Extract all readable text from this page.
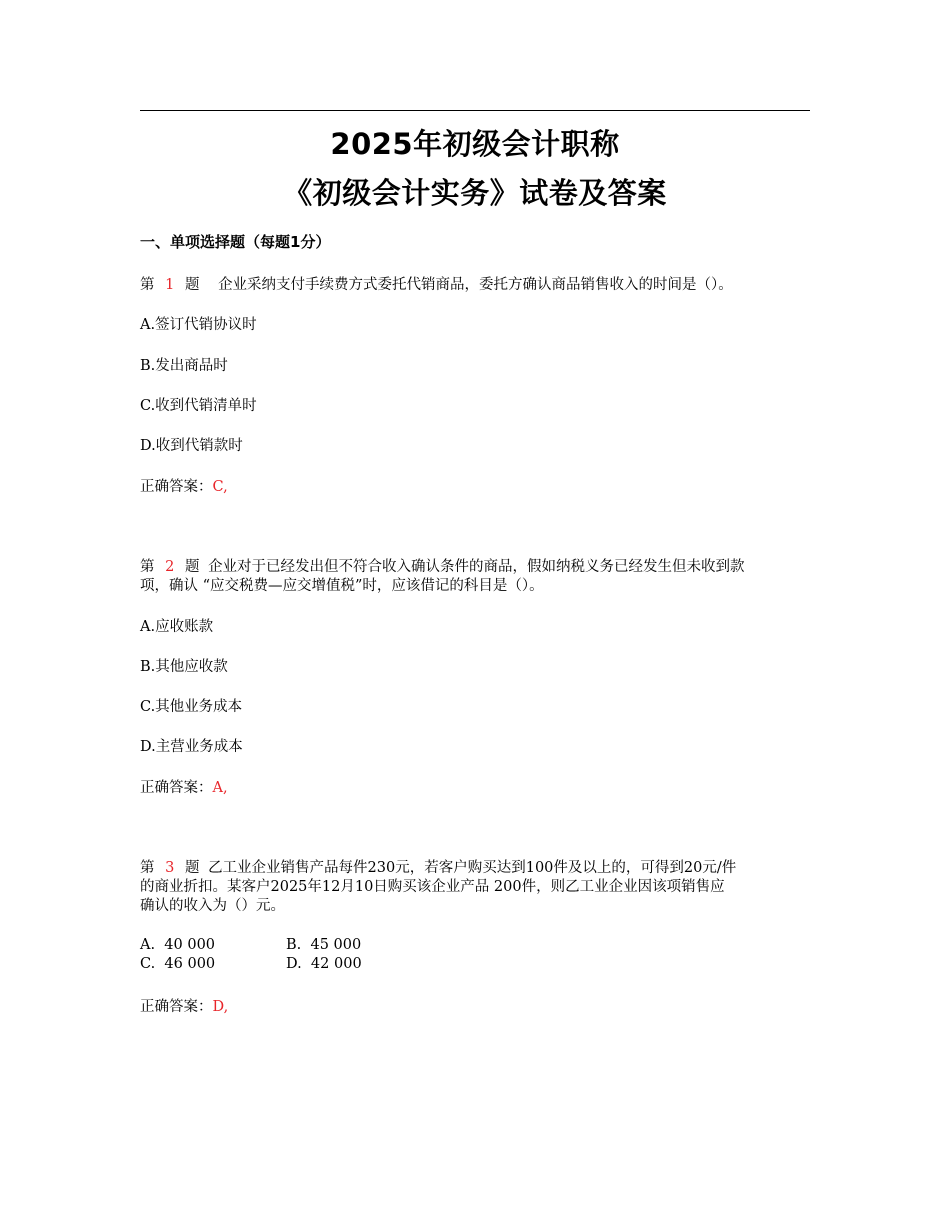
2025年初级会计职称
《初级会计实务》试卷及答案
一、单项选择题（每题1分）
第 1 题 企业采纳支付手续费方式委托代销商品，委托方确认商品销售收入的时间是（）。
A.签订代销协议时
B.发出商品时
C.收到代销清单时
D.收到代销款时
正确答案：C,
第 2 题 企业对于已经发出但不符合收入确认条件的商品，假如纳税义务已经发生但未收到款
项，确认 “应交税费—应交增值税”时，应该借记的科目是（）。
A.应收账款
B.其他应收款
C.其他业务成本
D.主营业务成本
正确答案：A,
第 3 题 乙工业企业销售产品每件230元，若客户购买达到100件及以上的，可得到20元/件
的商业折扣。某客户2025年12月10日购买该企业产品 200件，则乙工业企业因该项销售应
确认的收入为（）元。
A.  40 000	B.  45 000
C.  46 000	D.  42 000
正确答案：D,
